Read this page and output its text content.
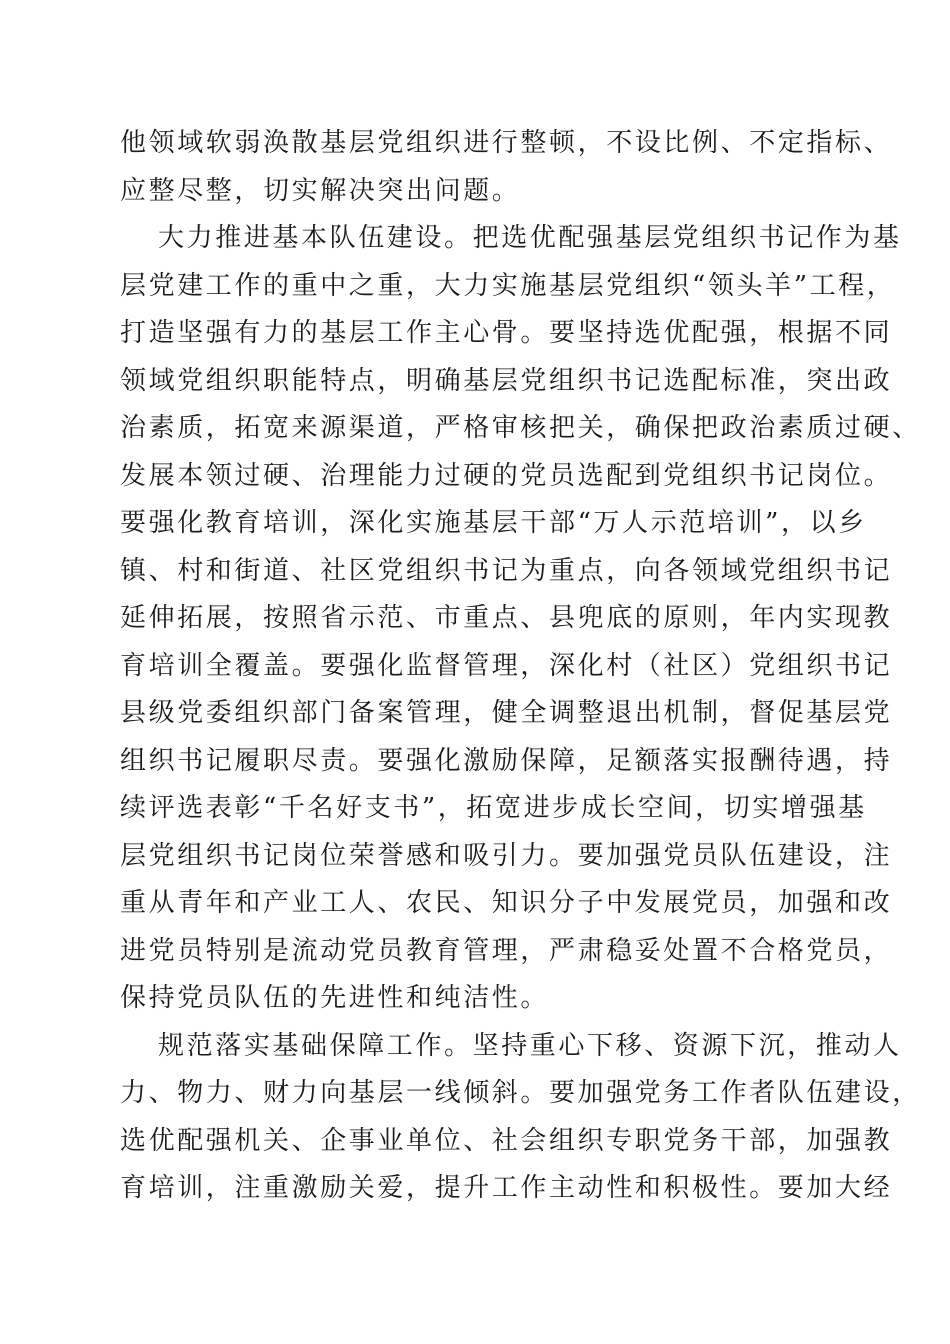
他领域软弱涣散基层党组织进行整顿，不设比例、不定指标、
应整尽整，切实解决突出问题。
大力推进基本队伍建设。把选优配强基层党组织书记作为基
层党建工作的重中之重，大力实施基层党组织“领头羊”工程，
打造坚强有力的基层工作主心骨。要坚持选优配强，根据不同
领域党组织职能特点，明确基层党组织书记选配标准，突出政
治素质，拓宽来源渠道，严格审核把关，确保把政治素质过硬、
发展本领过硬、治理能力过硬的党员选配到党组织书记岗位。
要强化教育培训，深化实施基层干部“万人示范培训”，以乡
镇、村和街道、社区党组织书记为重点，向各领域党组织书记
延伸拓展，按照省示范、市重点、县兜底的原则，年内实现教
育培训全覆盖。要强化监督管理，深化村（社区）党组织书记
县级党委组织部门备案管理，健全调整退出机制，督促基层党
组织书记履职尽责。要强化激励保障，足额落实报酬待遇，持
续评选表彰“千名好支书”，拓宽进步成长空间，切实增强基
层党组织书记岗位荣誉感和吸引力。要加强党员队伍建设，注
重从青年和产业工人、农民、知识分子中发展党员，加强和改
进党员特别是流动党员教育管理，严肃稳妥处置不合格党员，
保持党员队伍的先进性和纯洁性。
规范落实基础保障工作。坚持重心下移、资源下沉，推动人
力、物力、财力向基层一线倾斜。要加强党务工作者队伍建设，
选优配强机关、企事业单位、社会组织专职党务干部，加强教
育培训，注重激励关爱，提升工作主动性和积极性。要加大经
